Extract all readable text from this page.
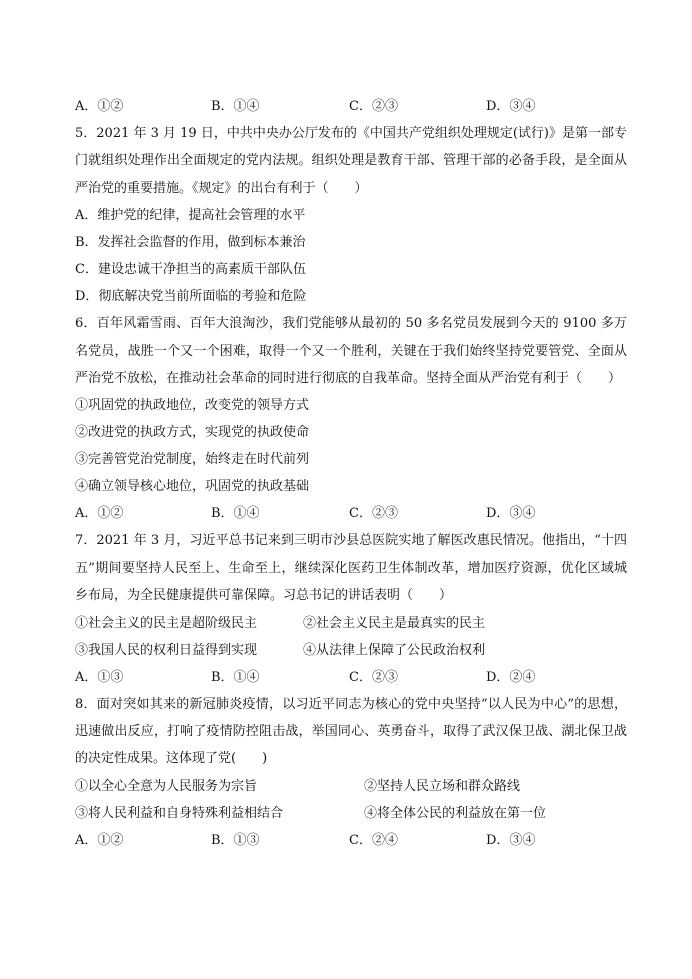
A．①②	B．①④	C．②③	D．③④
5．2021 年 3 月 19 日，中共中央办公厅发布的《中国共产党组织处理规定(试行)》是第一部专门就组织处理作出全面规定的党内法规。组织处理是教育干部、管理干部的必备手段，是全面从严治党的重要措施。《规定》的出台有利于（　　）
A．维护党的纪律，提高社会管理的水平
B．发挥社会监督的作用，做到标本兼治
C．建设忠诚干净担当的高素质干部队伍
D．彻底解决党当前所面临的考验和危险
6．百年风霜雪雨、百年大浪淘沙，我们党能够从最初的 50 多名党员发展到今天的 9100 多万名党员，战胜一个又一个困难，取得一个又一个胜利，关键在于我们始终坚持党要管党、全面从严治党不放松，在推动社会革命的同时进行彻底的自我革命。坚持全面从严治党有利于（　　）
①巩固党的执政地位，改变党的领导方式
②改进党的执政方式，实现党的执政使命
③完善管党治党制度，始终走在时代前列
④确立领导核心地位，巩固党的执政基础
A．①②	B．①④	C．②③	D．③④
7．2021 年 3 月，习近平总书记来到三明市沙县总医院实地了解医改惠民情况。他指出，“十四五”期间要坚持人民至上、生命至上，继续深化医药卫生体制改革，增加医疗资源，优化区域城乡布局，为全民健康提供可靠保障。习总书记的讲话表明（　　）
①社会主义的民主是超阶级民主	②社会主义民主是最真实的民主
③我国人民的权利日益得到实现	④从法律上保障了公民政治权利
A．①③	B．①④	C．②③	D．②④
8．面对突如其来的新冠肺炎疫情，以习近平同志为核心的党中央坚持“以人民为中心”的思想，迅速做出反应，打响了疫情防控阻击战，举国同心、英勇奋斗，取得了武汉保卫战、湖北保卫战的决定性成果。这体现了党(　　)
①以全心全意为人民服务为宗旨	②坚持人民立场和群众路线
③将人民利益和自身特殊利益相结合	④将全体公民的利益放在第一位
A．①②	B．①③	C．②④	D．③④
